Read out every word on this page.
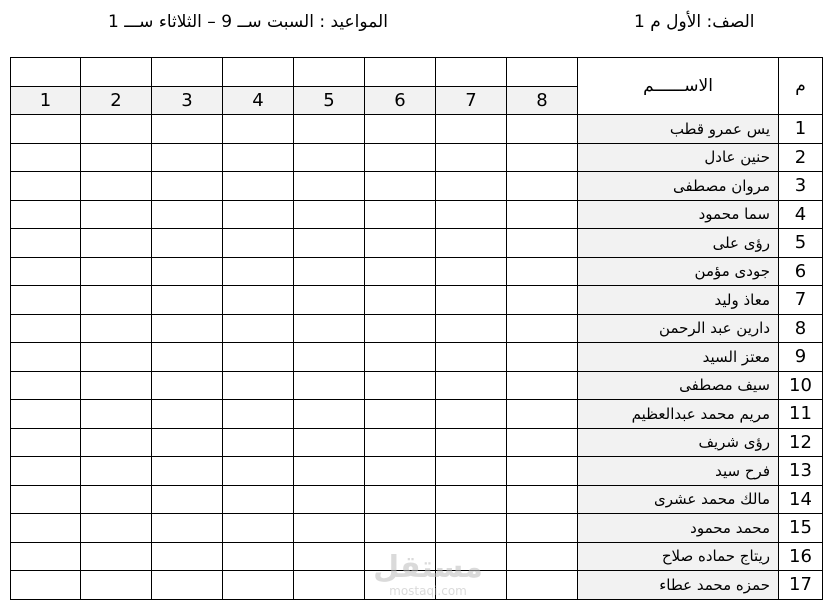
الصف: الأول م 1
المواعيد : السبت ســ 9 – الثلاثاء ســـ 1
								الاســــــم	م
1	2	3	4	5	6	7	8		
								يس عمرو قطب	1
								حنين عادل	2
								مروان مصطفى	3
								سما محمود	4
								رؤى على	5
								جودى مؤمن	6
								معاذ وليد	7
								دارين عبد الرحمن	8
								معتز السيد	9
								سيف مصطفى	10
								مريم محمد عبدالعظيم	11
								رؤى شريف	12
								فرح سيد	13
								مالك محمد عشرى	14
								محمد محمود	15
								ريتاج حماده صلاح	16
								حمزه محمد عطاء	17
مستقل
mostaqi.com
